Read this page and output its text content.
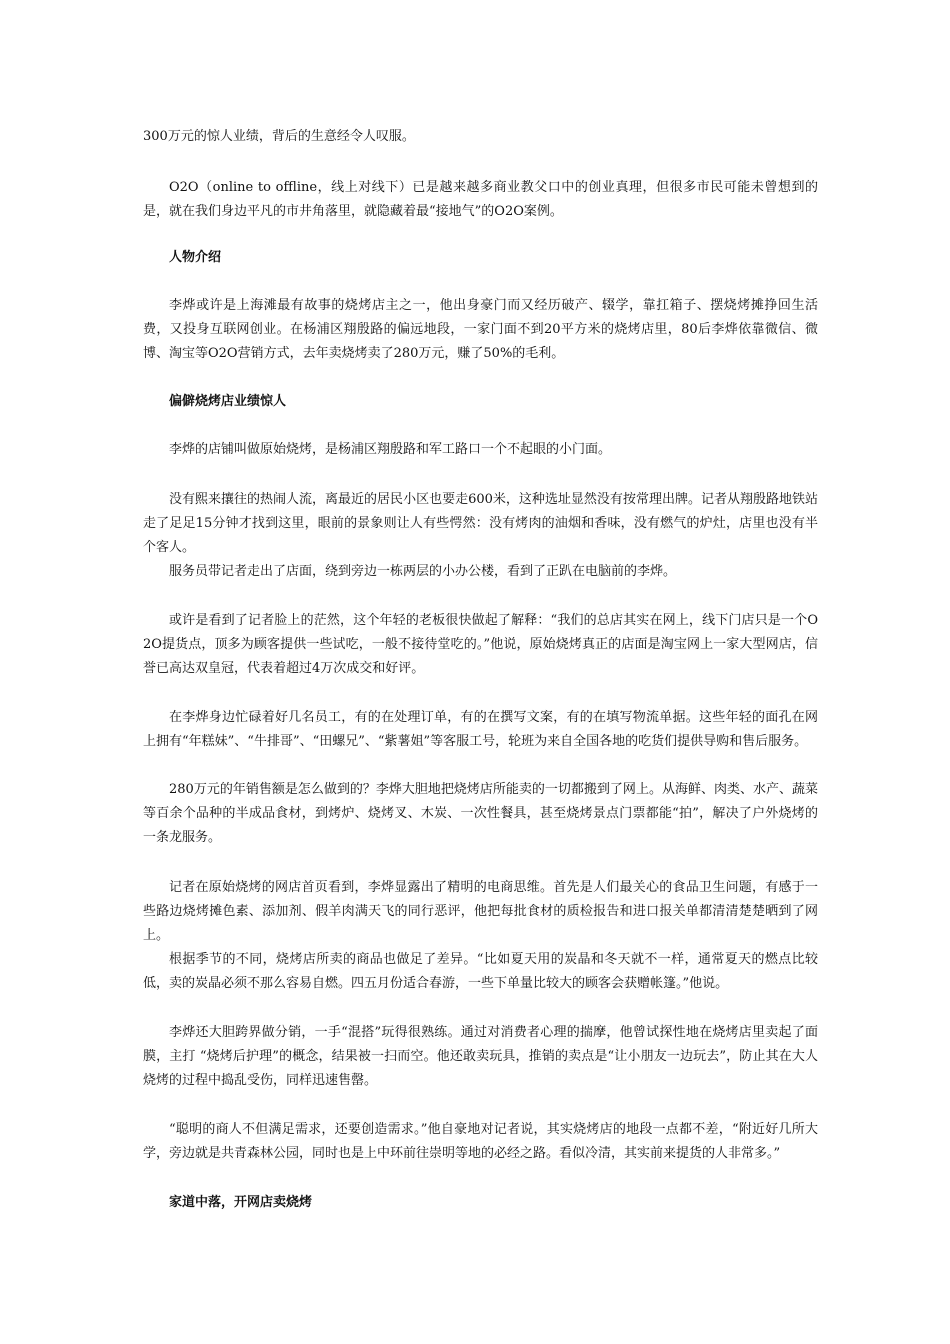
300万元的惊人业绩，背后的生意经令人叹服。

O2O（online to offline，线上对线下）已是越来越多商业教父口中的创业真理，但很多市民可能未曾想到的是，就在我们身边平凡的市井角落里，就隐藏着最“接地气”的O2O案例。

人物介绍

李烨或许是上海滩最有故事的烧烤店主之一，他出身豪门而又经历破产、辍学，靠扛箱子、摆烧烤摊挣回生活费，又投身互联网创业。在杨浦区翔殷路的偏远地段，一家门面不到20平方米的烧烤店里，80后李烨依靠微信、微博、淘宝等O2O营销方式，去年卖烧烤卖了280万元，赚了50%的毛利。

偏僻烧烤店业绩惊人

李烨的店铺叫做原始烧烤，是杨浦区翔殷路和军工路口一个不起眼的小门面。

没有熙来攘往的热闹人流，离最近的居民小区也要走600米，这种选址显然没有按常理出牌。记者从翔殷路地铁站走了足足15分钟才找到这里，眼前的景象则让人有些愕然：没有烤肉的油烟和香味，没有燃气的炉灶，店里也没有半个客人。

服务员带记者走出了店面，绕到旁边一栋两层的小办公楼，看到了正趴在电脑前的李烨。

或许是看到了记者脸上的茫然，这个年轻的老板很快做起了解释：“我们的总店其实在网上，线下门店只是一个O2O提货点，顶多为顾客提供一些试吃，一般不接待堂吃的。”他说，原始烧烤真正的店面是淘宝网上一家大型网店，信誉已高达双皇冠，代表着超过4万次成交和好评。

在李烨身边忙碌着好几名员工，有的在处理订单，有的在撰写文案，有的在填写物流单据。这些年轻的面孔在网上拥有“年糕妹”、“牛排哥”、“田螺兄”、“紫薯姐”等客服工号，轮班为来自全国各地的吃货们提供导购和售后服务。

280万元的年销售额是怎么做到的？李烨大胆地把烧烤店所能卖的一切都搬到了网上。从海鲜、肉类、水产、蔬菜等百余个品种的半成品食材，到烤炉、烧烤叉、木炭、一次性餐具，甚至烧烤景点门票都能“拍”，解决了户外烧烤的一条龙服务。

记者在原始烧烤的网店首页看到，李烨显露出了精明的电商思维。首先是人们最关心的食品卫生问题，有感于一些路边烧烤摊色素、添加剂、假羊肉满天飞的同行恶评，他把每批食材的质检报告和进口报关单都清清楚楚晒到了网上。

根据季节的不同，烧烤店所卖的商品也做足了差异。“比如夏天用的炭晶和冬天就不一样，通常夏天的燃点比较低，卖的炭晶必须不那么容易自燃。四五月份适合春游，一些下单量比较大的顾客会获赠帐篷。”他说。

李烨还大胆跨界做分销，一手“混搭”玩得很熟练。通过对消费者心理的揣摩，他曾试探性地在烧烤店里卖起了面膜，主打 “烧烤后护理”的概念，结果被一扫而空。他还敢卖玩具，推销的卖点是“让小朋友一边玩去”，防止其在大人烧烤的过程中捣乱受伤，同样迅速售罄。

“聪明的商人不但满足需求，还要创造需求。”他自豪地对记者说，其实烧烤店的地段一点都不差，“附近好几所大学，旁边就是共青森林公园，同时也是上中环前往崇明等地的必经之路。看似冷清，其实前来提货的人非常多。”

家道中落，开网店卖烧烤
